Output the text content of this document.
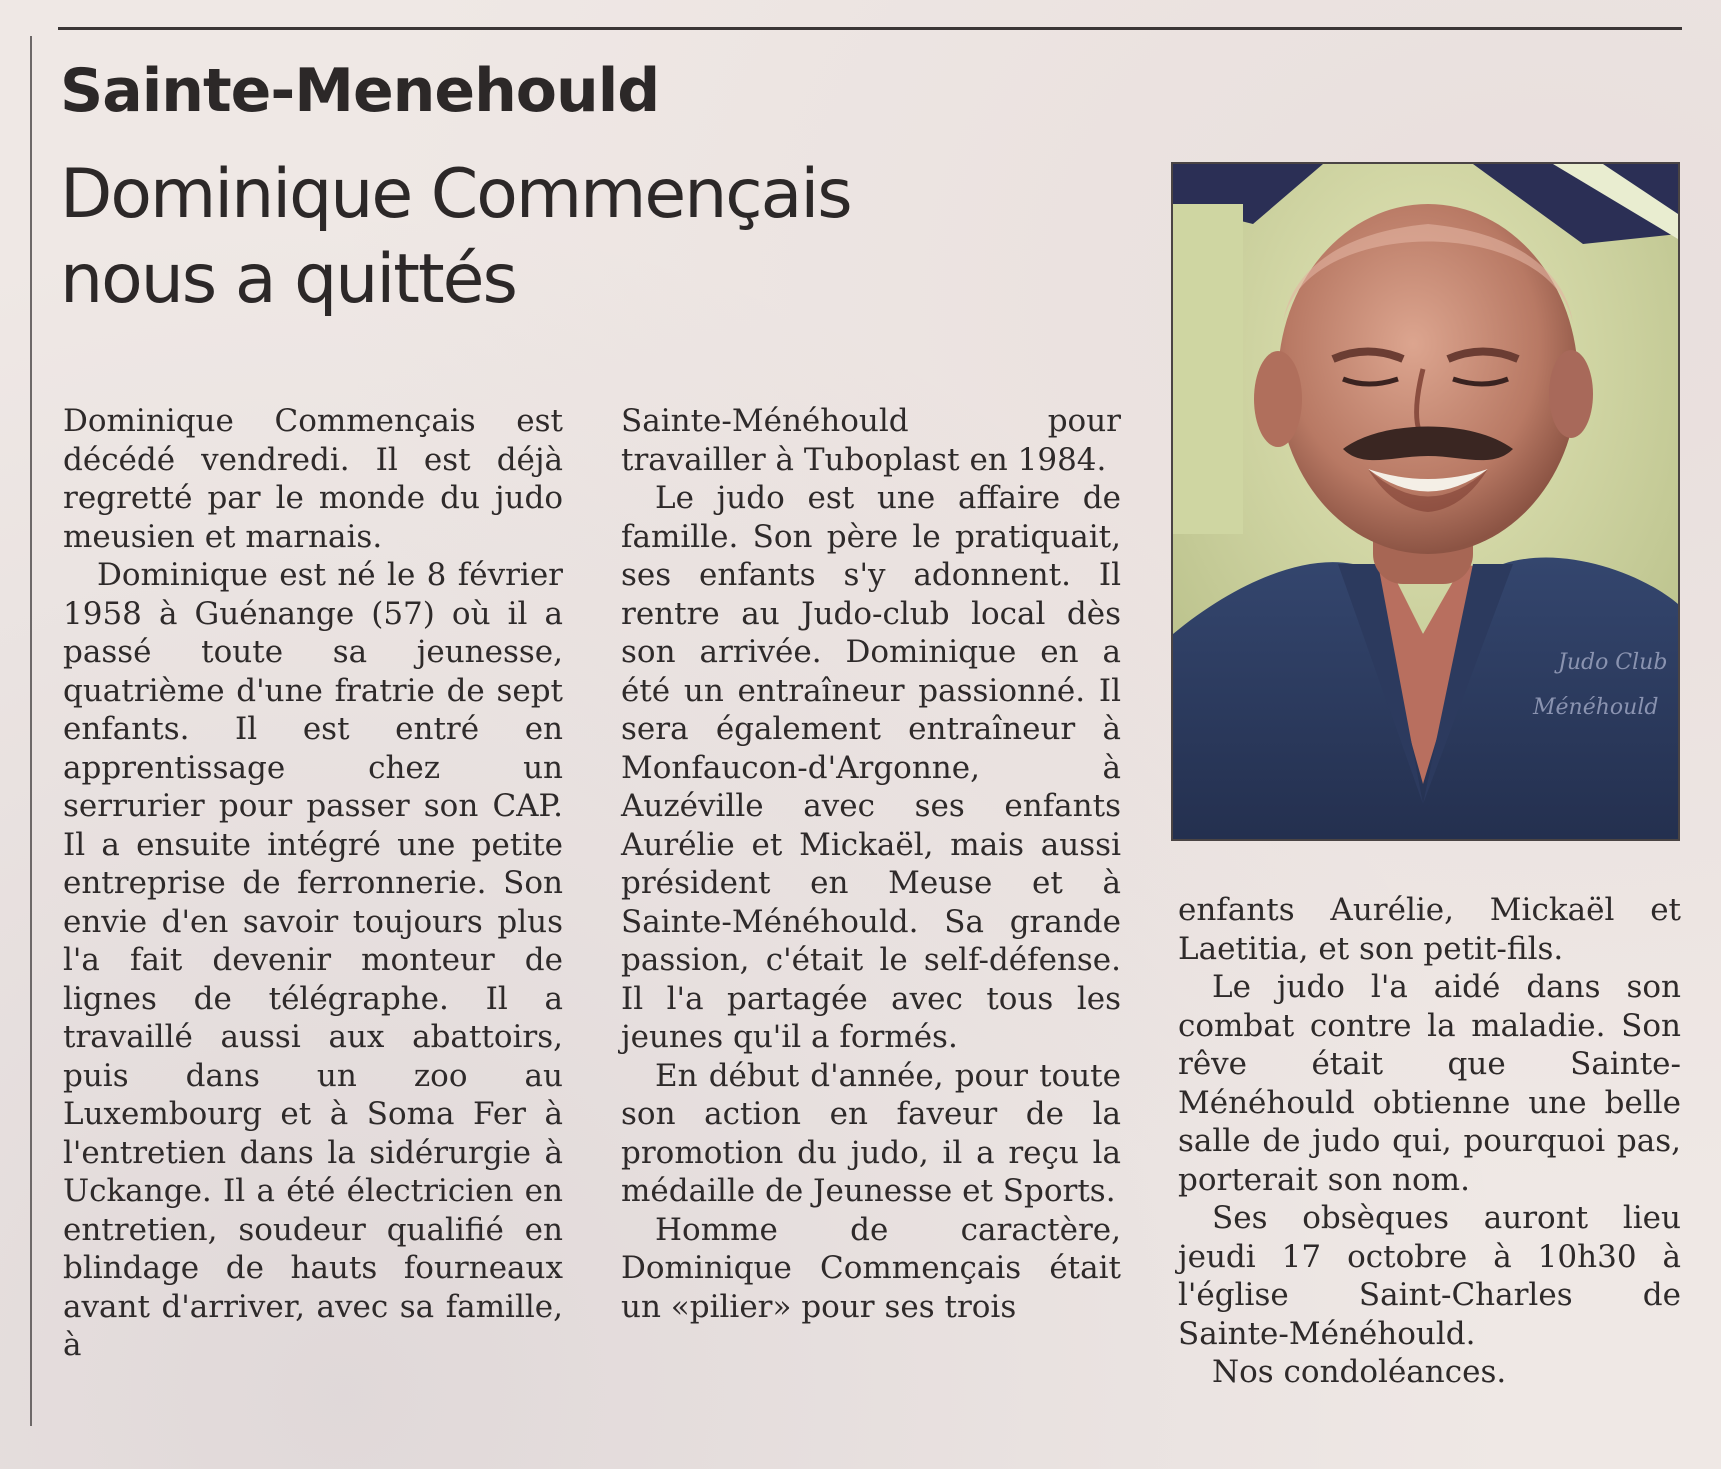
Sainte-Menehould
Dominique Commençais
nous a quittés

Dominique Commençais est décédé vendredi. Il est déjà regretté par le monde du judo meusien et marnais.

Dominique est né le 8 février 1958 à Guénange (57) où il a passé toute sa jeunesse, quatrième d'une fratrie de sept enfants. Il est entré en apprentissage chez un serrurier pour passer son CAP. Il a ensuite intégré une petite entreprise de ferronnerie. Son envie d'en savoir toujours plus l'a fait devenir monteur de lignes de télégraphe. Il a travaillé aussi aux abattoirs, puis dans un zoo au Luxembourg et à Soma Fer à l'entretien dans la sidérurgie à Uckange. Il a été électricien en entretien, soudeur qualifié en blindage de hauts fourneaux avant d'arriver, avec sa famille, à

Sainte-Ménéhould pour travailler à Tuboplast en 1984.

Le judo est une affaire de famille. Son père le pratiquait, ses enfants s'y adonnent. Il rentre au Judo-club local dès son arrivée. Dominique en a été un entraîneur passionné. Il sera également entraîneur à Monfaucon-d'Argonne, à Auzéville avec ses enfants Aurélie et Mickaël, mais aussi président en Meuse et à Sainte-Ménéhould. Sa grande passion, c'était le self-défense. Il l'a partagée avec tous les jeunes qu'il a formés.

En début d'année, pour toute son action en faveur de la promotion du judo, il a reçu la médaille de Jeunesse et Sports.

Homme de caractère, Dominique Commençais était un «pilier» pour ses trois

enfants Aurélie, Mickaël et Laetitia, et son petit-fils.

Le judo l'a aidé dans son combat contre la maladie. Son rêve était que Sainte-Ménéhould obtienne une belle salle de judo qui, pourquoi pas, porterait son nom.

Ses obsèques auront lieu jeudi 17 octobre à 10h30 à l'église Saint-Charles de Sainte-Ménéhould.

Nos condoléances.

Judo Club
Ménéhould
